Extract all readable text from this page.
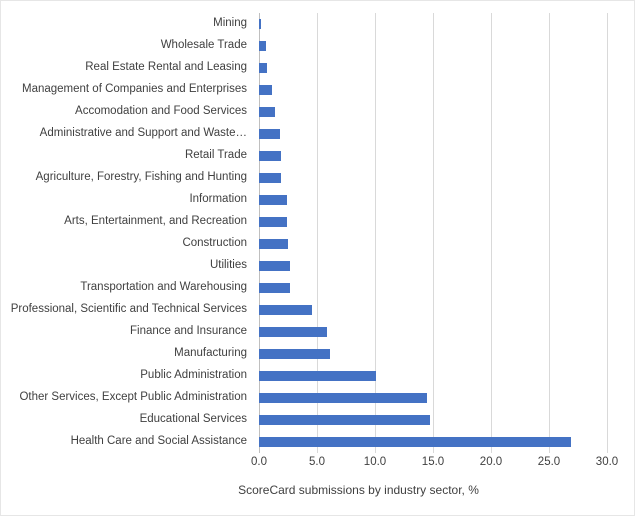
Mining
Wholesale Trade
Real Estate Rental and Leasing
Management of Companies and Enterprises
Accomodation and Food Services
Administrative and Support and Waste…
Retail Trade
Agriculture, Forestry, Fishing and Hunting
Information
Arts, Entertainment, and Recreation
Construction
Utilities
Transportation and Warehousing
Professional, Scientific and Technical Services
Finance and Insurance
Manufacturing
Public Administration
Other Services, Except Public Administration
Educational Services
Health Care and Social Assistance
0.0	5.0	10.0	15.0	20.0	25.0	30.0
ScoreCard submissions by industry sector, %
